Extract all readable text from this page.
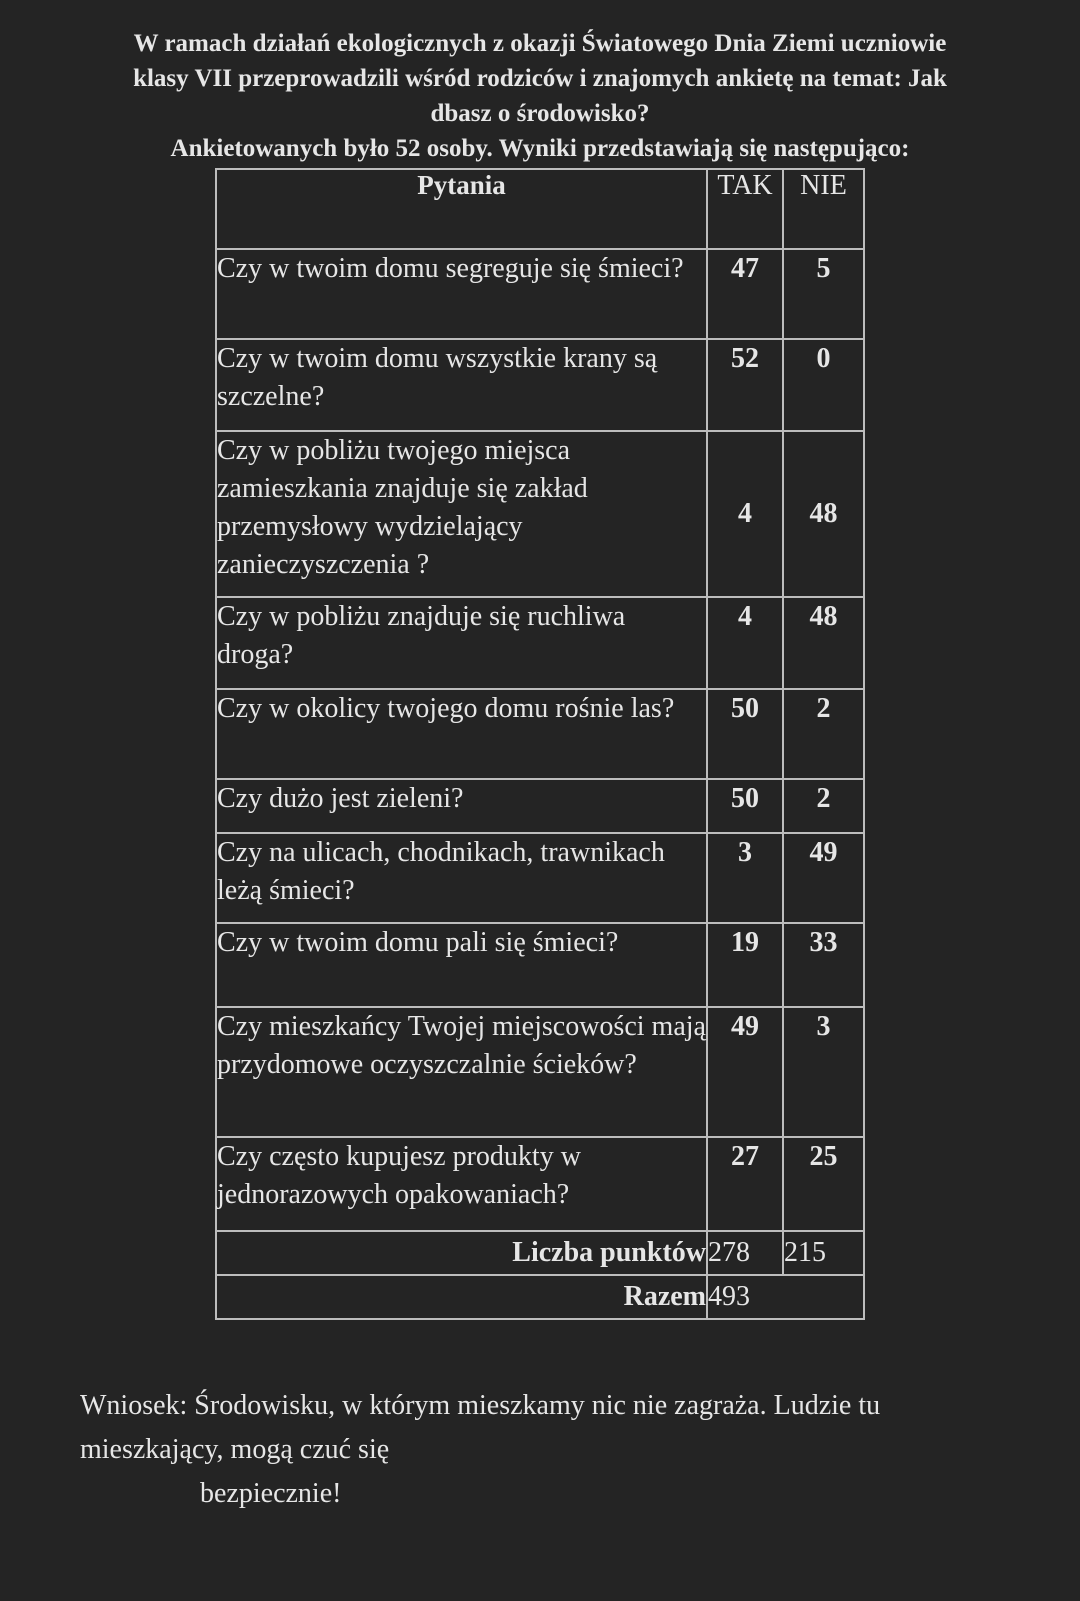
W ramach działań ekologicznych z okazji Światowego Dnia Ziemi uczniowie

klasy VII przeprowadzili wśród rodziców i znajomych ankietę na temat: Jak

dbasz o środowisko?

Ankietowanych było 52 osoby. Wyniki przedstawiają się następująco:

Pytania	TAK	NIE
Czy w twoim domu segreguje się śmieci?	47	5
Czy w twoim domu wszystkie krany są szczelne?	52	0
Czy w pobliżu twojego miejsca zamieszkania znajduje się zakład przemysłowy wydzielający zanieczyszczenia ?	4	48
Czy w pobliżu znajduje się ruchliwa droga?	4	48
Czy w okolicy twojego domu rośnie las?	50	2
Czy dużo jest zieleni?	50	2
Czy na ulicach, chodnikach, trawnikach leżą śmieci?	3	49
Czy w twoim domu pali się śmieci?	19	33
Czy mieszkańcy Twojej miejscowości mają przydomowe oczyszczalnie ścieków?	49	3
Czy często kupujesz produkty w jednorazowych opakowaniach?	27	25
Liczba punktów	278	215
Razem	493	

Wniosek: Środowisku, w którym mieszkamy nic nie zagraża. Ludzie tu

mieszkający, mogą czuć się

bezpiecznie!
